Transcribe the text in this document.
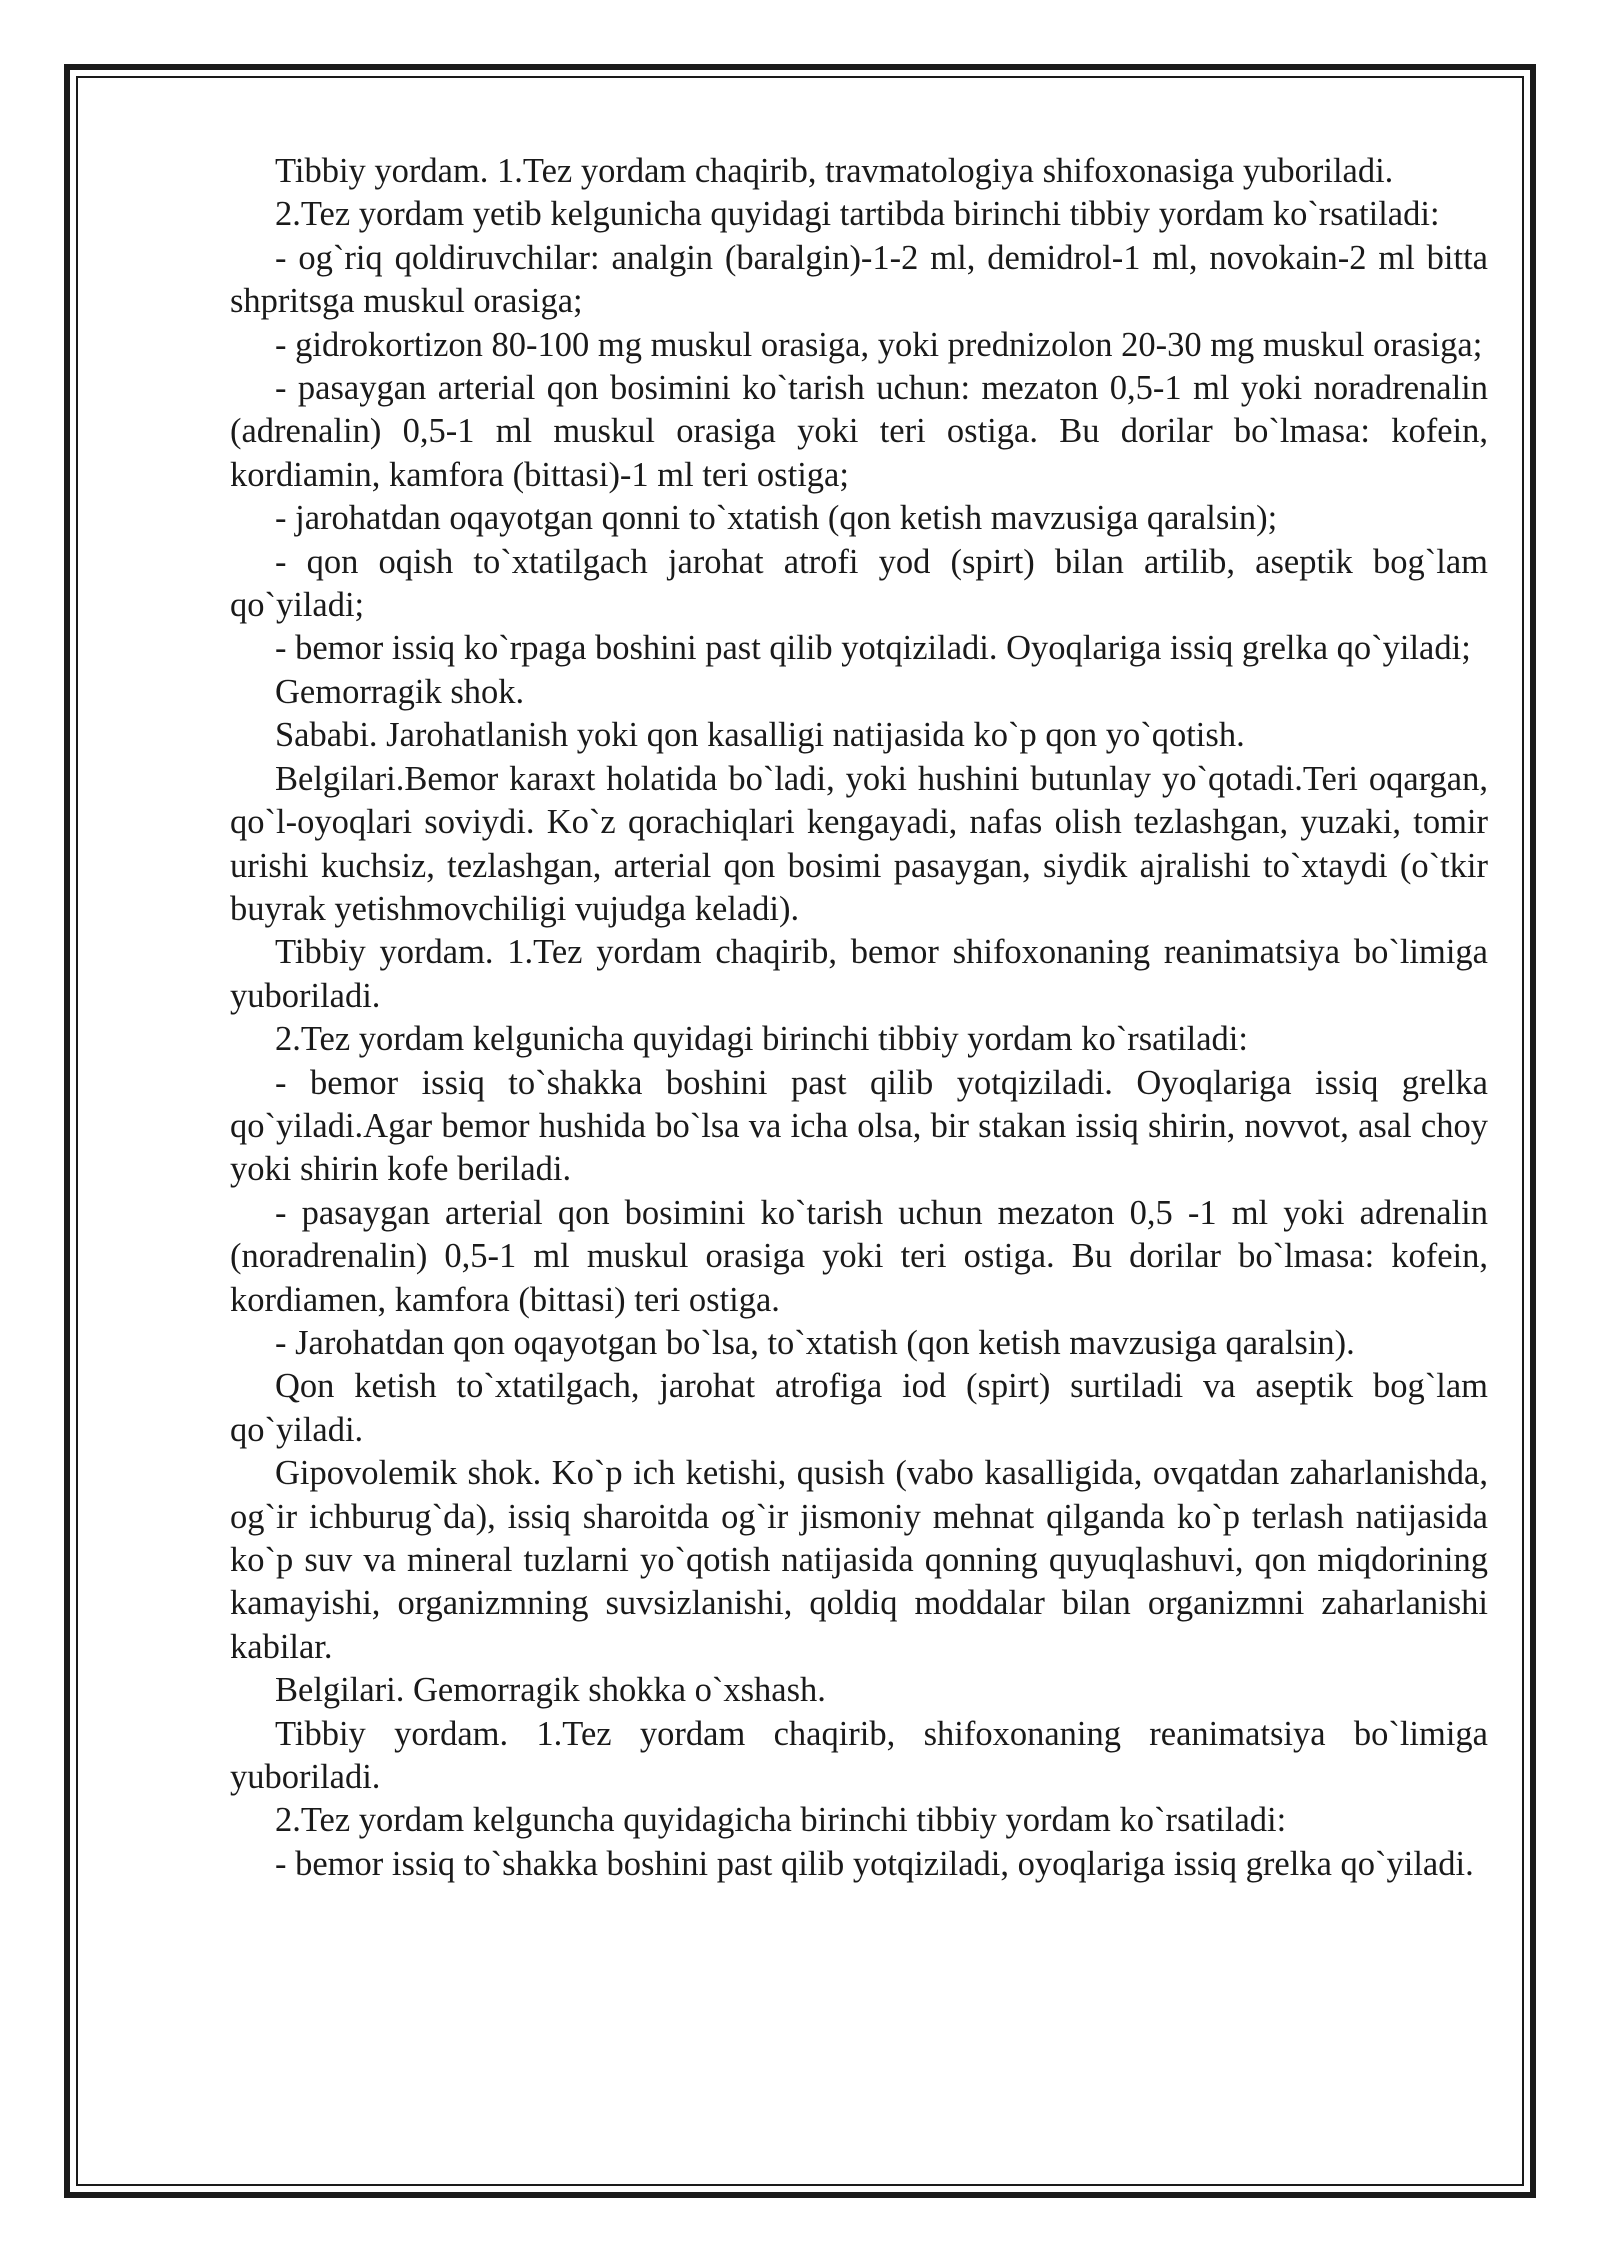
Tibbiy yordam. 1.Tez yordam chaqirib, travmatologiya shifoxonasiga yuboriladi.

2.Tez yordam yetib kelgunicha quyidagi tartibda birinchi tibbiy yordam ko`rsatiladi:

- og`riq qoldiruvchilar: analgin (baralgin)-1-2 ml, demidrol-1 ml, novokain-2 ml bitta shpritsga muskul orasiga;

- gidrokortizon 80-100 mg muskul orasiga, yoki prednizolon 20-30 mg muskul orasiga;

- pasaygan arterial qon bosimini ko`tarish uchun: mezaton 0,5-1 ml yoki noradrenalin (adrenalin) 0,5-1 ml muskul orasiga yoki teri ostiga. Bu dorilar bo`lmasa: kofein, kordiamin, kamfora (bittasi)-1 ml teri ostiga;

- jarohatdan oqayotgan qonni to`xtatish (qon ketish mavzusiga qaralsin);

- qon oqish to`xtatilgach jarohat atrofi yod (spirt) bilan artilib, aseptik bog`lam qo`yiladi;

- bemor issiq ko`rpaga boshini past qilib yotqiziladi. Oyoqlariga issiq grelka qo`yiladi;

Gemorragik shok.

Sababi. Jarohatlanish yoki qon kasalligi natijasida ko`p qon yo`qotish.

Belgilari.Bemor karaxt holatida bo`ladi, yoki hushini butunlay yo`qotadi.Teri oqargan, qo`l-oyoqlari soviydi. Ko`z qorachiqlari kengayadi, nafas olish tezlashgan, yuzaki, tomir urishi kuchsiz, tezlashgan, arterial qon bosimi pasaygan, siydik ajralishi to`xtaydi (o`tkir buyrak yetishmovchiligi vujudga keladi).

Tibbiy yordam. 1.Tez yordam chaqirib, bemor shifoxonaning reanimatsiya bo`limiga yuboriladi.

2.Tez yordam kelgunicha quyidagi birinchi tibbiy yordam ko`rsatiladi:

- bemor issiq to`shakka boshini past qilib yotqiziladi. Oyoqlariga issiq grelka qo`yiladi.Agar bemor hushida bo`lsa va icha olsa, bir stakan issiq shirin, novvot, asal choy yoki shirin kofe beriladi.

- pasaygan arterial qon bosimini ko`tarish uchun mezaton 0,5 -1 ml yoki adrenalin (noradrenalin) 0,5-1 ml muskul orasiga yoki teri ostiga. Bu dorilar bo`lmasa: kofein, kordiamen, kamfora (bittasi) teri ostiga.

- Jarohatdan qon oqayotgan bo`lsa, to`xtatish (qon ketish mavzusiga qaralsin).

Qon ketish to`xtatilgach, jarohat atrofiga iod (spirt) surtiladi va aseptik bog`lam qo`yiladi.

Gipovolemik shok. Ko`p ich ketishi, qusish (vabo kasalligida, ovqatdan zaharlanishda, og`ir ichburug`da), issiq sharoitda og`ir jismoniy mehnat qilganda ko`p terlash natijasida ko`p suv va mineral tuzlarni yo`qotish natijasida qonning quyuqlashuvi, qon miqdorining kamayishi, organizmning suvsizlanishi, qoldiq moddalar bilan organizmni zaharlanishi kabilar.

Belgilari. Gemorragik shokka o`xshash.

Tibbiy yordam. 1.Tez yordam chaqirib, shifoxonaning reanimatsiya bo`limiga yuboriladi.

2.Tez yordam kelguncha quyidagicha birinchi tibbiy yordam ko`rsatiladi:

- bemor issiq to`shakka boshini past qilib yotqiziladi, oyoqlariga issiq grelka qo`yiladi.
